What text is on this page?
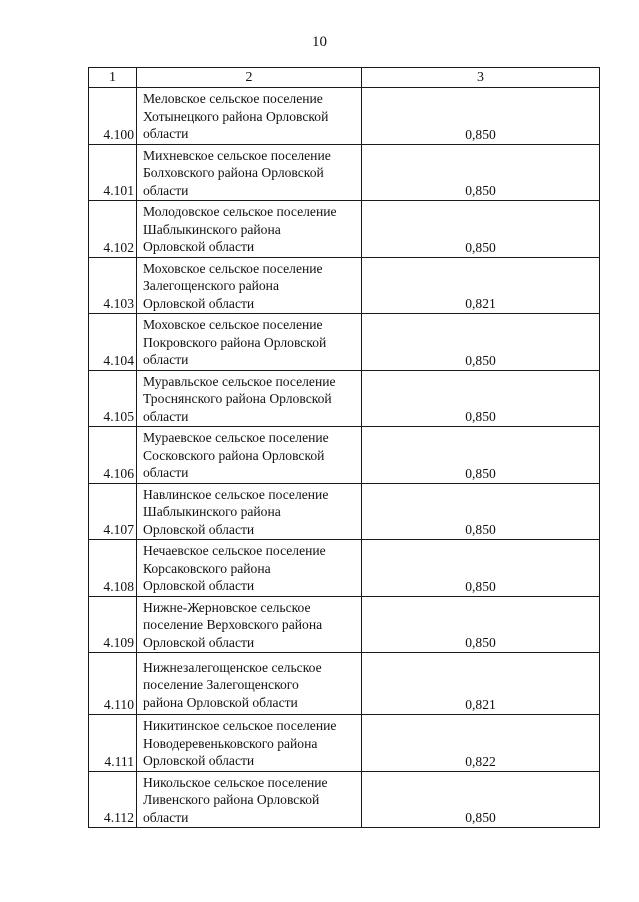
10
1	2	3
4.100	Меловское сельское поселение
Хотынецкого района Орловской
области	0,850
4.101	Михневское сельское поселение
Болховского района Орловской
области	0,850
4.102	Молодовское сельское поселение
Шаблыкинского района
Орловской области	0,850
4.103	Моховское сельское поселение
Залегощенского района
Орловской области	0,821
4.104	Моховское сельское поселение
Покровского района Орловской
области	0,850
4.105	Муравльское сельское поселение
Троснянского района Орловской
области	0,850
4.106	Мураевское сельское поселение
Сосковского района Орловской
области	0,850
4.107	Навлинское сельское поселение
Шаблыкинского района
Орловской области	0,850
4.108	Нечаевское сельское поселение
Корсаковского района
Орловской области	0,850
4.109	Нижне-Жерновское сельское
поселение Верховского района
Орловской области	0,850
4.110	Нижнезалегощенское сельское
поселение Залегощенского
района Орловской области	0,821
4.111	Никитинское сельское поселение
Новодеревеньковского района
Орловской области	0,822
4.112	Никольское сельское поселение
Ливенского района Орловской
области	0,850
